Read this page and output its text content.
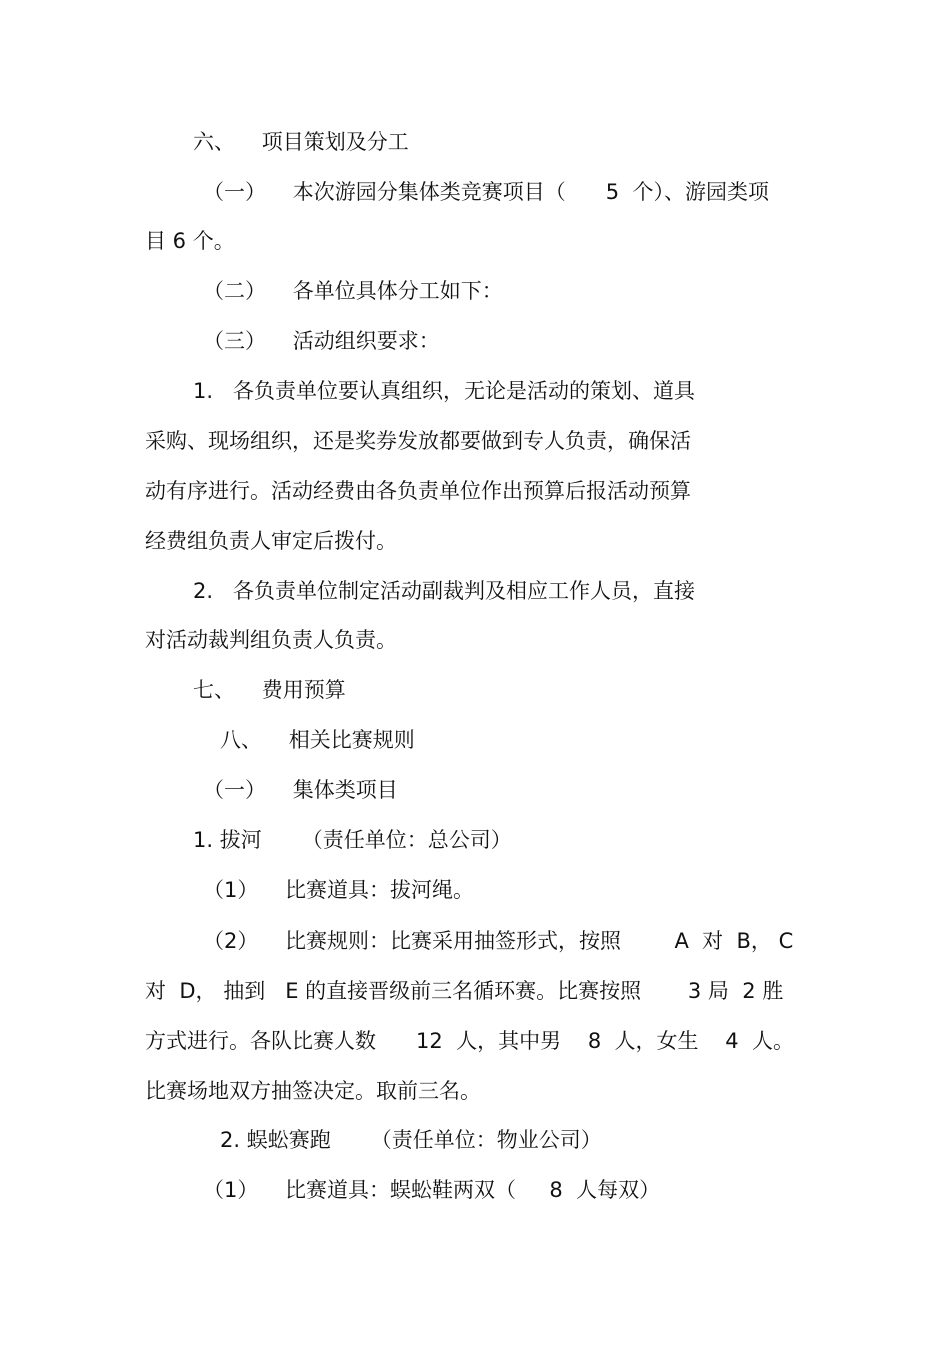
六、    项目策划及分工
（一）    本次游园分集体类竞赛项目（      5  个）、游园类项
目 6 个。
（二）    各单位具体分工如下：
（三）    活动组织要求：
1.   各负责单位要认真组织，无论是活动的策划、道具
采购、现场组织，还是奖券发放都要做到专人负责，确保活
动有序进行。活动经费由各负责单位作出预算后报活动预算
经费组负责人审定后拨付。
2.   各负责单位制定活动副裁判及相应工作人员，直接
对活动裁判组负责人负责。
七、    费用预算
八、    相关比赛规则
（一）    集体类项目
1. 拔河      （责任单位：总公司）
（1）    比赛道具：拔河绳。
（2）    比赛规则：比赛采用抽签形式，按照        A  对  B， C
对  D， 抽到   E 的直接晋级前三名循环赛。比赛按照       3 局  2 胜
方式进行。各队比赛人数      12  人，其中男    8  人，女生    4  人。
比赛场地双方抽签决定。取前三名。
2. 蜈蚣赛跑      （责任单位：物业公司）
（1）    比赛道具：蜈蚣鞋两双（     8  人每双）
